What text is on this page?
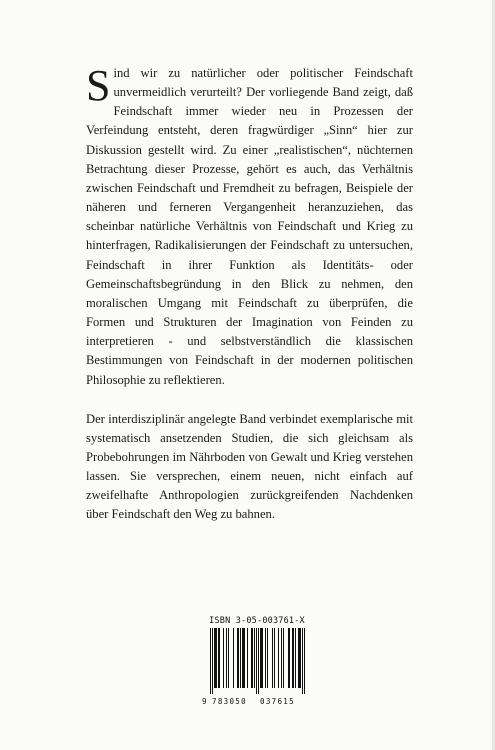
Sind wir zu natürlicher oder politischer Feindschaft unvermeidlich verurteilt? Der vorliegende Band zeigt, daß Feindschaft immer wieder neu in Prozessen der Verfeindung entsteht, deren fragwürdiger „Sinn“ hier zur Diskussion gestellt wird. Zu einer „realistischen“, nüchternen Betrachtung dieser Prozesse, gehört es auch, das Verhältnis zwischen Feindschaft und Fremdheit zu befragen, Beispiele der näheren und ferneren Vergangenheit heranzuziehen, das scheinbar natürliche Verhältnis von Feindschaft und Krieg zu hinterfragen, Radikalisierungen der Feindschaft zu untersuchen, Feindschaft in ihrer Funktion als Identitäts- oder Gemeinschaftsbegründung in den Blick zu nehmen, den moralischen Umgang mit Feindschaft zu überprüfen, die Formen und Strukturen der Imagination von Feinden zu interpretieren - und selbstverständlich die klassischen Bestimmungen von Feindschaft in der modernen politischen Philosophie zu reflektieren.

Der interdisziplinär angelegte Band verbindet exemplarische mit systematisch ansetzenden Studien, die sich gleichsam als Probebohrungen im Nährboden von Gewalt und Krieg verstehen lassen. Sie versprechen, einem neuen, nicht einfach auf zweifelhafte Anthropologien zurückgreifenden Nachdenken über Feindschaft den Weg zu bahnen.

ISBN 3-05-003761-X
9 783050 037615
